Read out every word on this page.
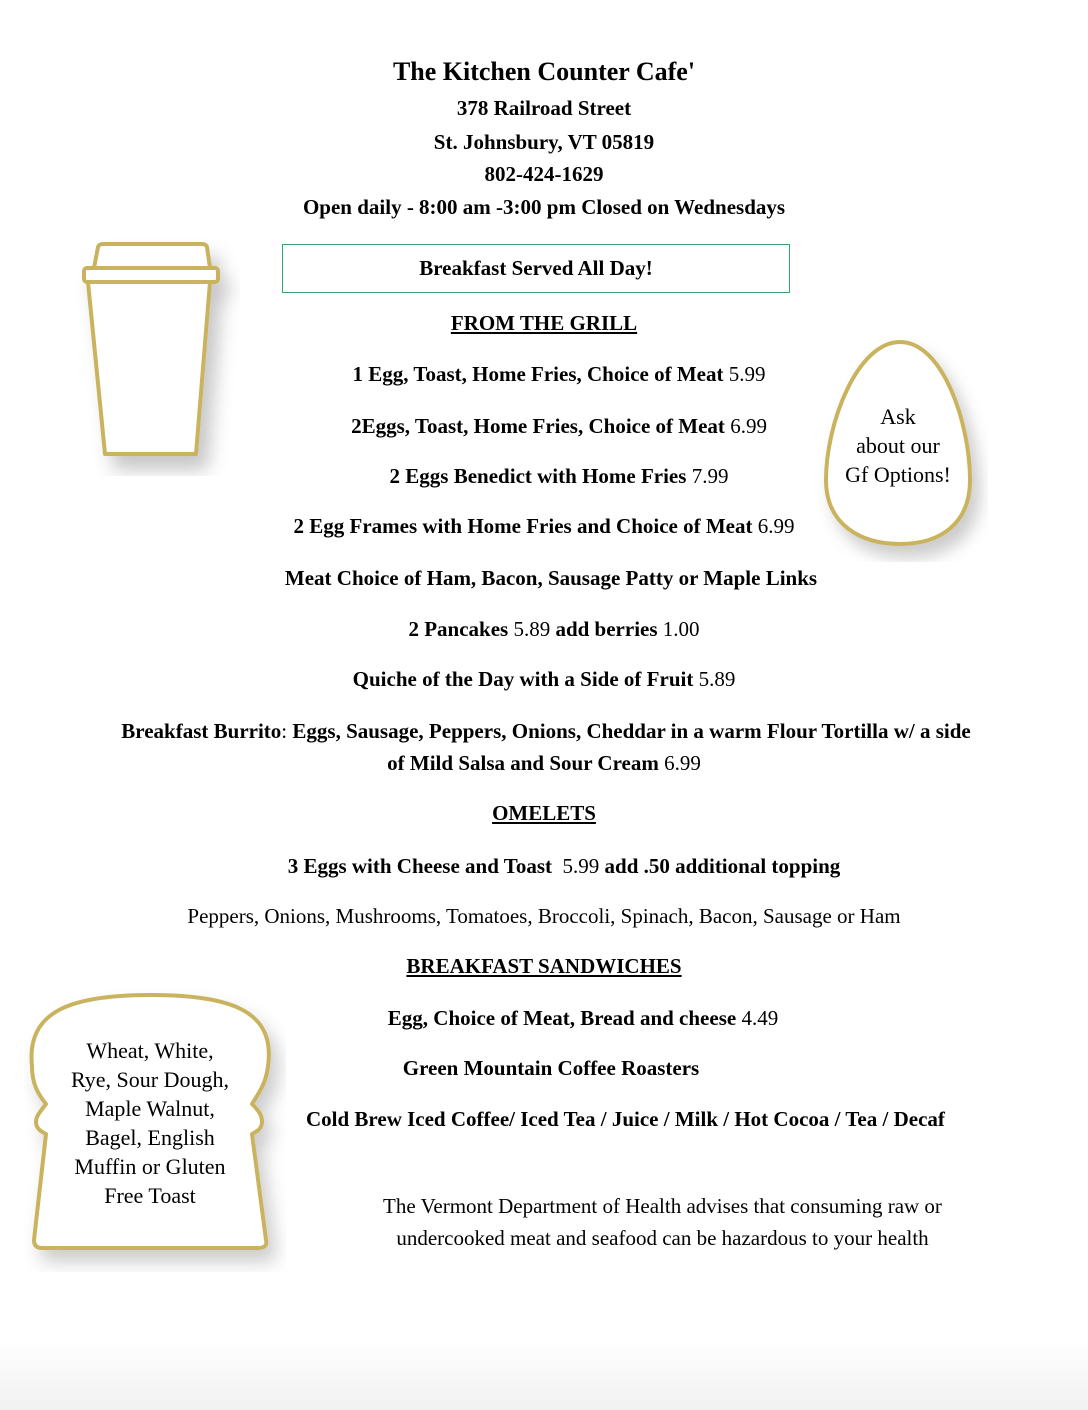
The Kitchen Counter Cafe'
378 Railroad Street
St. Johnsbury, VT 05819
802-424-1629
Open daily - 8:00 am -3:00 pm Closed on Wednesdays
Breakfast Served All Day!
Ask
about our
Gf Options!
FROM THE GRILL
1 Egg, Toast, Home Fries, Choice of Meat 5.99
2Eggs, Toast, Home Fries, Choice of Meat 6.99
2 Eggs Benedict with Home Fries 7.99
2 Egg Frames with Home Fries and Choice of Meat 6.99
Meat Choice of Ham, Bacon, Sausage Patty or Maple Links
2 Pancakes 5.89 add berries 1.00
Quiche of the Day with a Side of Fruit 5.89
Breakfast Burrito: Eggs, Sausage, Peppers, Onions, Cheddar in a warm Flour Tortilla w/ a side
of Mild Salsa and Sour Cream 6.99
OMELETS
3 Eggs with Cheese and Toast 5.99 add .50 additional topping
Peppers, Onions, Mushrooms, Tomatoes, Broccoli, Spinach, Bacon, Sausage or Ham
BREAKFAST SANDWICHES
Egg, Choice of Meat, Bread and cheese 4.49
Green Mountain Coffee Roasters
Cold Brew Iced Coffee/ Iced Tea / Juice / Milk / Hot Cocoa / Tea / Decaf
Wheat, White,
Rye, Sour Dough,
Maple Walnut,
Bagel, English
Muffin or Gluten
Free Toast	The Vermont Department of Health advises that consuming raw or
undercooked meat and seafood can be hazardous to your health
